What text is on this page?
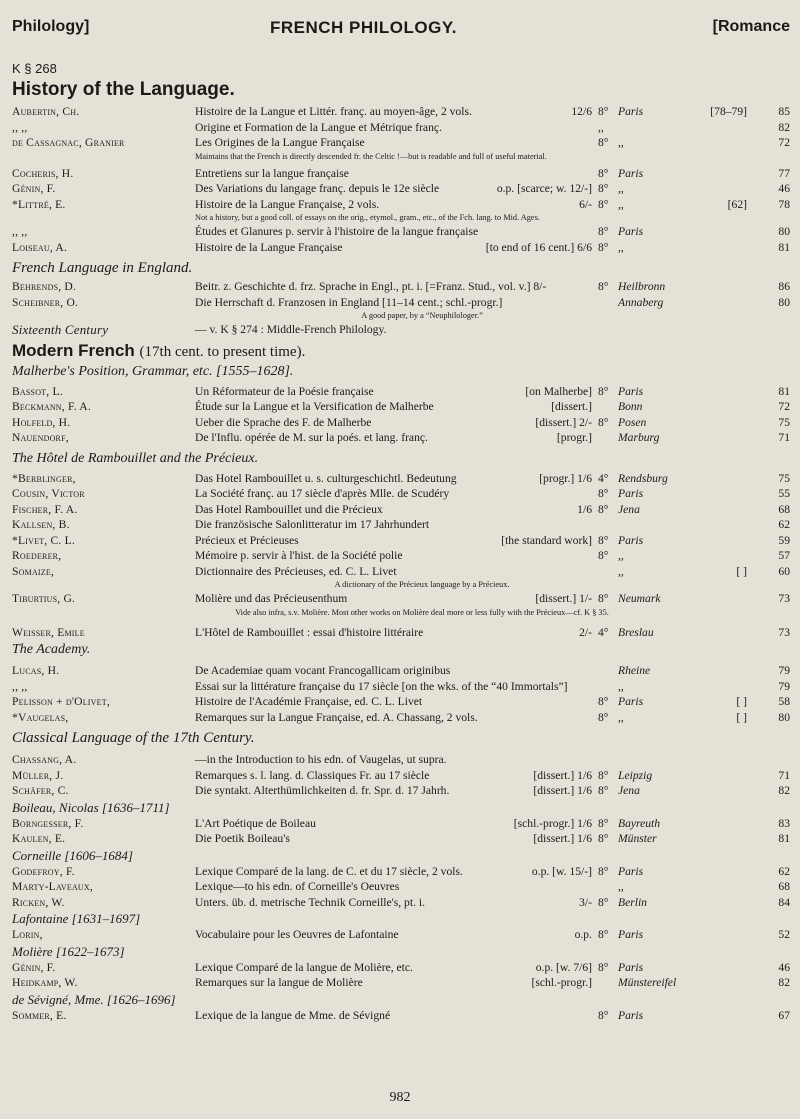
Philology]	FRENCH PHILOLOGY.	[Romance
K § 268
History of the Language.
Aubertin, Ch.	Histoire de la Langue et Littér. franç. au moyen-âge, 2 vols.	12/6 8° Paris	[78–79]	85
,, ,,	Origine et Formation de la Langue et Métrique franç.	,,	82
de Cassagnac, Granier	Les Origines de la Langue Française	8° ,,	72
Maintains that the French is directly descended fr. the Celtic !—but is readable and full of useful material.
Cocheris, H.	Entretiens sur la langue française	8° Paris	77
Génin, F.	Des Variations du langage franç. depuis le 12e siècle	o.p. [scarce; w. 12/-] 8° ,,	46
*Littré, E.	Histoire de la Langue Française, 2 vols.	6/- 8° ,,	[62]	78
Not a history, but a good coll. of essays on the orig., etymol., gram., etc., of the Fch. lang. to Mid. Ages.
,, ,,	Études et Glanures p. servir à l'histoire de la langue française	8° Paris	80
Loiseau, A.	Histoire de la Langue Française	[to end of 16 cent.] 6/6 8° ,,	81
French Language in England.
Behrends, D.	Beitr. z. Geschichte d. frz. Sprache in Engl., pt. i. [=Franz. Stud., vol. v.] 8/-	8° Heilbronn	86
Scheibner, O.	Die Herrschaft d. Franzosen in England [11–14 cent.; schl.-progr.]	Annaberg	80
A good paper, by a “Neuphilologer.”
Sixteenth Century	— v. K § 274 : Middle-French Philology.
Modern French (17th cent. to present time).
Malherbe's Position, Grammar, etc. [1555–1628].
Bassot, L.	Un Réformateur de la Poésie française	[on Malherbe] 8° Paris	81
Beckmann, F. A.	Étude sur la Langue et la Versification de Malherbe	[dissert.] Bonn	72
Holfeld, H.	Ueber die Sprache des F. de Malherbe	[dissert.] 2/- 8° Posen	75
Nauendorf,	De l'Influ. opérée de M. sur la poés. et lang. franç.	[progr.] Marburg	71
The Hôtel de Rambouillet and the Précieux.
*Berblinger,	Das Hotel Rambouillet u. s. culturgeschichtl. Bedeutung	[progr.] 1/6 4° Rendsburg	75
Cousin, Victor	La Société franç. au 17 siècle d'après Mlle. de Scudéry	8° Paris	55
Fischer, F. A.	Das Hotel Rambouillet und die Précieux	1/6 8° Jena	68
Kallsen, B.	Die französische Salonlitteratur im 17 Jahrhundert	62
*Livet, C. L.	Précieux et Précieuses	[the standard work] 8° Paris	59
Roederer,	Mémoire p. servir à l'hist. de la Société polie	8° ,,	57
Somaize,	Dictionnaire des Précieuses, ed. C. L. Livet	,,	[ ]	60
A dictionary of the Précieux language by a Précieux.
Tiburtius, G.	Molière und das Précieusenthum	[dissert.] 1/- 8° Neumark	73
Vide also infra, s.v. Molière. Most other works on Molière deal more or less fully with the Précieux—cf. K § 35.
Weisser, Emile	L'Hôtel de Rambouillet : essai d'histoire littéraire	2/- 4° Breslau	73
The Academy.
Lucas, H.	De Academiae quam vocant Francogallicam originibus	Rheine	79
,, ,,	Essai sur la littérature française du 17 siècle [on the wks. of the “40 Immortals”]	,,	79
Pelisson + d'Olivet,	Histoire de l'Académie Française, ed. C. L. Livet	8° Paris	[ ]	58
*Vaugelas,	Remarques sur la Langue Française, ed. A. Chassang, 2 vols.	8° ,,	[ ]	80
Classical Language of the 17th Century.
Chassang, A.	—in the Introduction to his edn. of Vaugelas, ut supra.
Müller, J.	Remarques s. l. lang. d. Classiques Fr. au 17 siècle	[dissert.] 1/6 8° Leipzig	71
Schäfer, C.	Die syntakt. Alterthümlichkeiten d. fr. Spr. d. 17 Jahrh.	[dissert.] 1/6 8° Jena	82
Boileau, Nicolas [1636–1711]
Borngesser, F.	L'Art Poétique de Boileau	[schl.-progr.] 1/6 8° Bayreuth	83
Kaulen, E.	Die Poetik Boileau's	[dissert.] 1/6 8° Münster	81
Corneille [1606–1684]
Godefroy, F.	Lexique Comparé de la lang. de C. et du 17 siècle, 2 vols.	o.p. [w. 15/-] 8° Paris	62
Marty-Laveaux,	Lexique—to his edn. of Corneille's Oeuvres	,,	68
Ricken, W.	Unters. üb. d. metrische Technik Corneille's, pt. i.	3/- 8° Berlin	84
Lafontaine [1631–1697]
Lorin,	Vocabulaire pour les Oeuvres de Lafontaine	o.p. 8° Paris	52
Molière [1622–1673]
Génin, F.	Lexique Comparé de la langue de Molière, etc.	o.p. [w. 7/6] 8° Paris	46
Heidkamp, W.	Remarques sur la langue de Molière	[schl.-progr.] Münstereifel	82
de Sévigné, Mme. [1626–1696]
Sommer, E.	Lexique de la langue de Mme. de Sévigné	8° Paris	67
982
